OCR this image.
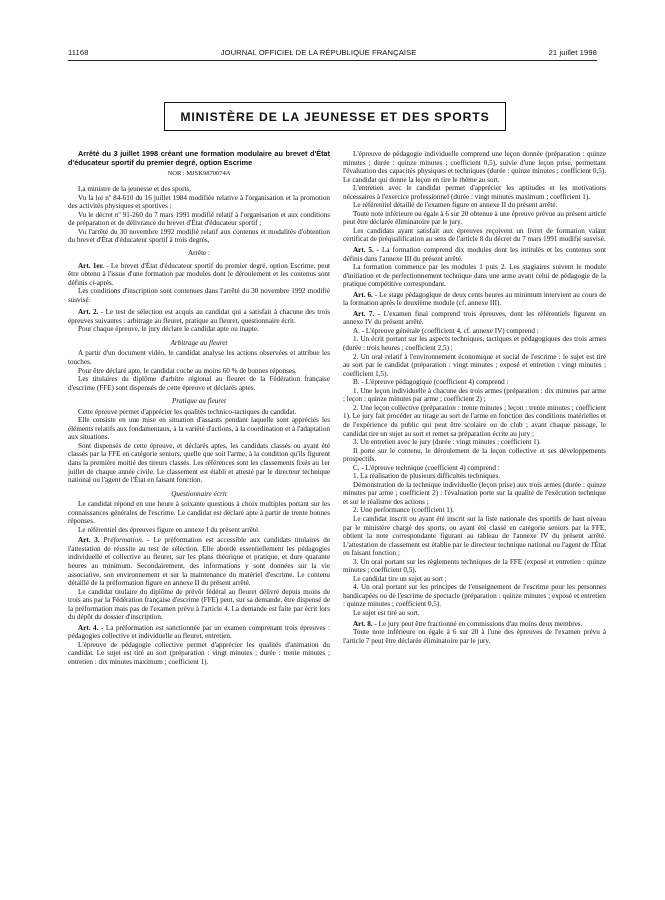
11168	JOURNAL OFFICIEL DE LA RÉPUBLIQUE FRANÇAISE	21 juillet 1998
MINISTÈRE DE LA JEUNESSE ET DES SPORTS

Arrêté du 3 juillet 1998 créant une formation modulaire au brevet d'État d'éducateur sportif du premier degré, option Escrime

NOR : MJSK9870074A

La ministre de la jeunesse et des sports,

Vu la loi nº 84-610 du 16 juillet 1984 modifiée relative à l'organisation et la promotion des activités physiques et sportives ;

Vu le décret nº 91-260 du 7 mars 1991 modifié relatif à l'organisation et aux conditions de préparation et de délivrance du brevet d'État d'éducateur sportif ;

Vu l'arrêté du 30 novembre 1992 modifié relatif aux contenus et modalités d'obtention du brevet d'État d'éducateur sportif à trois degrés,

Arrête :

Art. 1er. - Le brevet d'État d'éducateur sportif du premier degré, option Escrime, peut être obtenu à l'issue d'une formation par modules dont le déroulement et les contenus sont définis ci-après.

Les conditions d'inscription sont contenues dans l'arrêté du 30 novembre 1992 modifié susvisé.

Art. 2. - Le test de sélection est acquis au candidat qui a satisfait à chacune des trois épreuves suivantes : arbitrage au fleuret, pratique au fleuret, questionnaire écrit.

Pour chaque épreuve, le jury déclare le candidat apte ou inapte.

Arbitrage au fleuret

A partir d'un document vidéo, le candidat analyse les actions observées et attribue les touches.

Pour être déclaré apte, le candidat coche au moins 60 % de bonnes réponses.

Les titulaires du diplôme d'arbitre régional au fleuret de la Fédération française d'escrime (FFE) sont dispensés de cette épreuve et déclarés aptes.

Pratique au fleuret

Cette épreuve permet d'apprécier les qualités technico-tactiques du candidat.

Elle consiste en une mise en situation d'assauts pendant laquelle sont appréciés les éléments relatifs aux fondamentaux, à la variété d'actions, à la coordination et à l'adaptation aux situations.

Sont dispensés de cette épreuve, et déclarés aptes, les candidats classés ou ayant été classés par la FFE en catégorie seniors, quelle que soit l'arme, à la condition qu'ils figurent dans la première moitié des tireurs classés. Les références sont les classements fixés au 1er juillet de chaque année civile. Le classement est établi et attesté par le directeur technique national ou l'agent de l'État en faisant fonction.

Questionnaire écrit

Le candidat répond en une heure à soixante questions à choix multiples portant sur les connaissances générales de l'escrime. Le candidat est déclaré apte à partir de trente bonnes réponses.

Le référentiel des épreuves figure en annexe I du présent arrêté.

Art. 3. Préformation. - Le préformation est accessible aux candidats titulaires de l'attestation de réussite au test de sélection. Elle aborde essentiellement les pédagogies individuelle et collective au fleuret, sur les plans théorique et pratique, et dure quarante heures au minimum. Secondairement, des informations y sont données sur la vie associative, son environnement et sur la maintenance du matériel d'escrime. Le contenu détaillé de la préformation figure en annexe II du présent arrêté.

Le candidat titulaire du diplôme de prévôt fédéral au fleuret délivré depuis moins de trois ans par la Fédération française d'escrime (FFE) peut, sur sa demande, être dispensé de la préformation mais pas de l'examen prévu à l'article 4. La demande est faite par écrit lors du dépôt du dossier d'inscription.

Art. 4. - La préformation est sanctionnée par un examen comprenant trois épreuves : pédagogies collective et individuelle au fleuret, entretien.

L'épreuve de pédagogie collective permet d'apprécier les qualités d'animation du candidat. Le sujet est tiré au sort (préparation : vingt minutes ; durée : trente minutes ; entretien : dix minutes maximum ; coefficient 1).

L'épreuve de pédagogie individuelle comprend une leçon donnée (préparation : quinze minutes ; durée : quinze minutes ; coefficient 0,5), suivie d'une leçon prise, permettant l'évaluation des capacités physiques et techniques (durée : quinze minutes ; coefficient 0,5). Le candidat qui donne la leçon en tire le thème au sort.

L'entretien avec le candidat permet d'apprécier les aptitudes et les motivations nécessaires à l'exercice professionnel (durée : vingt minutes maximum ; coefficient 1).

Le référentiel détaillé de l'examen figure en annexe II du présent arrêté.

Toute note inférieure ou égale à 6 sur 20 obtenue à une épreuve prévue au présent article peut être déclarée éliminatoire par le jury.

Les candidats ayant satisfait aux épreuves reçoivent un livret de formation valant certificat de préqualification au sens de l'article 8 du décret du 7 mars 1991 modifié susvisé.

Art. 5. - La formation comprend dix modules dont les intitulés et les contenus sont définis dans l'annexe III du présent arrêté.

La formation commence par les modules 1 puis 2. Les stagiaires suivent le module d'initiation et de perfectionnement technique dans une arme avant celui de pédagogie de la pratique compétitive correspondant.

Art. 6. - Le stage pédagogique de deux cents heures au minimum intervient au cours de la formation après le deuxième module (cf. annexe III).

Art. 7. - L'examen final comprend trois épreuves, dont les référentiels figurent en annexe IV du présent arrêté.

A. - L'épreuve générale (coefficient 4, cf. annexe IV) comprend :

1. Un écrit portant sur les aspects techniques, tactiques et pédagogiques des trois armes (durée : trois heures ; coefficient 2,5) ;

2. Un oral relatif à l'environnement économique et social de l'escrime : le sujet est tiré au sort par le candidat (préparation : vingt minutes ; exposé et entretien : vingt minutes ; coefficient 1,5).

B. - L'épreuve pédagogique (coefficient 4) comprend :

1. Une leçon individuelle à chacune des trois armes (préparation : dix minutes par arme ; leçon : quinze minutes par arme ; coefficient 2) ;

2. Une leçon collective (préparation : trente minutes ; leçon : trente minutes ; coefficient 1). Le jury fait procéder au tirage au sort de l'arme en fonction des conditions matérielles et de l'expérience du public qui peut être scolaire ou de club ; avant chaque passage, le candidat tire un sujet au sort et remet sa préparation écrite au jury ;

3. Un entretien avec le jury (durée : vingt minutes ; coefficient 1).

Il porte sur le contenu, le déroulement de la leçon collective et ses développements prospectifs.

C. - L'épreuve technique (coefficient 4) comprend :

1. La réalisation de plusieurs difficultés techniques.

Démonstration de la technique individuelle (leçon prise) aux trois armes (durée : quinze minutes par arme ; coefficient 2) : l'évaluation porte sur la qualité de l'exécution technique et sur le réalisme des actions ;

2. Une performance (coefficient 1).

Le candidat inscrit ou ayant été inscrit sur la liste nationale des sportifs de haut niveau par le ministère chargé des sports, ou ayant été classé en catégorie seniors par la FFE, obtient la note correspondante figurant au tableau de l'annexe IV du présent arrêté. L'attestation de classement est établie par le directeur technique national ou l'agent de l'État en faisant fonction ;

3. Un oral portant sur les règlements techniques de la FFE (exposé et entretien : quinze minutes ; coefficient 0,5).

Le candidat tire un sujet au sort ;

4. Un oral portant sur les principes de l'enseignement de l'escrime pour les personnes handicapées ou de l'escrime de spectacle (préparation : quinze minutes ; exposé et entretien : quinze minutes ; coefficient 0,5).

Le sujet est tiré au sort.

Art. 8. - Le jury peut être fractionné en commissions d'au moins deux membres.

Toute note inférieure ou égale à 6 sur 20 à l'une des épreuves de l'examen prévu à l'article 7 peut être déclarée éliminatoire par le jury.
